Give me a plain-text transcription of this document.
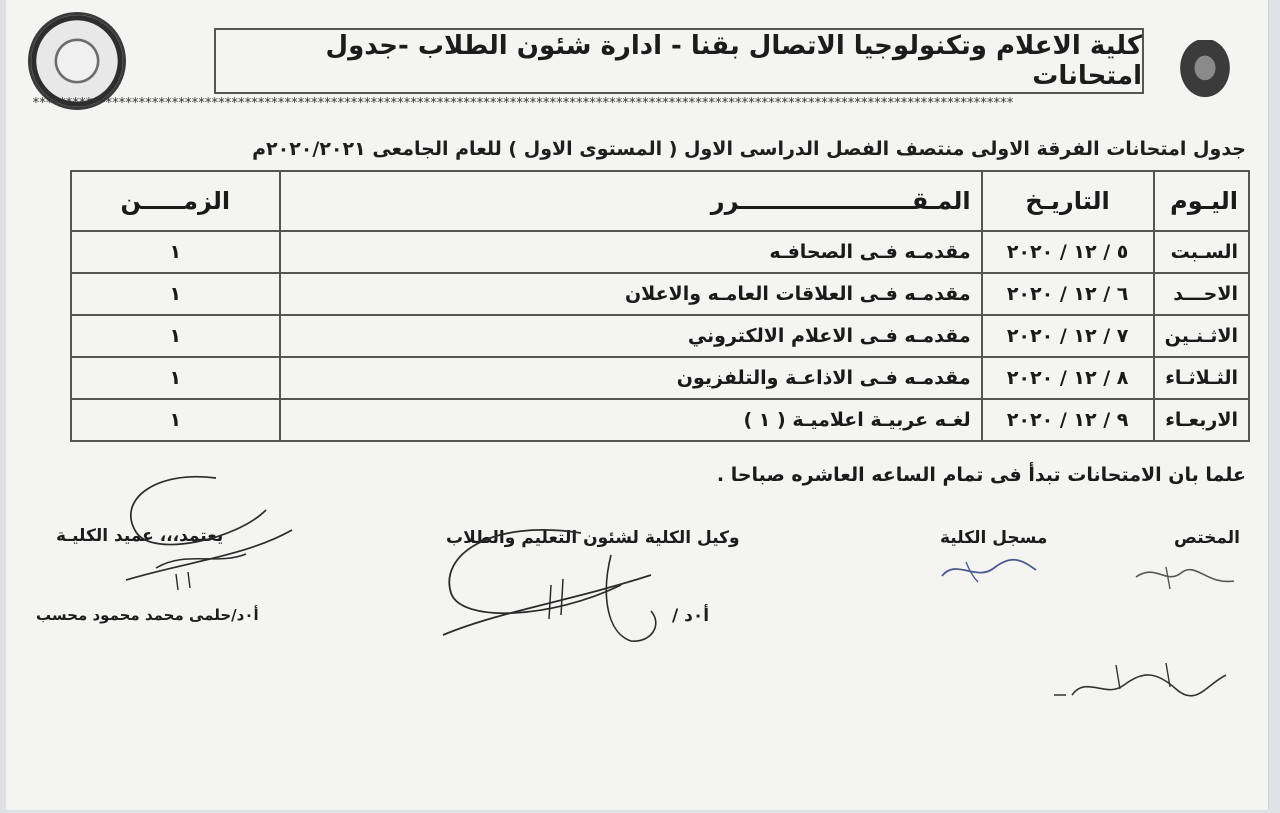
كلية الاعلام وتكنولوجيا الاتصال بقنا - ادارة شئون الطلاب -جدول امتحانات
****************************************************************************************************************************************************
جدول امتحانات الفرقة الاولى منتصف الفصل الدراسى الاول ( المستوى الاول ) للعام الجامعى ٢٠٢٠/٢٠٢١م
اليـوم	التاريـخ	المـقـــــــــــــــــــــرر	الزمـــــن
السـبت	٥ / ١٢ / ٢٠٢٠	مقدمـه فـى الصحافـه	١
الاحـــد	٦ / ١٢ / ٢٠٢٠	مقدمـه فـى العلاقات العامـه والاعلان	١
الاثـنـين	٧ / ١٢ / ٢٠٢٠	مقدمـه فـى الاعلام الالكتروني	١
الثـلاثـاء	٨ / ١٢ / ٢٠٢٠	مقدمـه فـى الاذاعـة والتلفزيون	١
الاربعـاء	٩ / ١٢ / ٢٠٢٠	لغـه عربيـة اعلاميـة ( ١ )	١
علما بان الامتحانات تبدأ فى تمام الساعه العاشره صباحا .
المختص
مسجل الكلية
وكيل الكلية لشئون التعليم والطلاب
أ٠د /
يعتمد،،، عميد الكليـة
أ٠د/حلمى محمد محمود محسب
